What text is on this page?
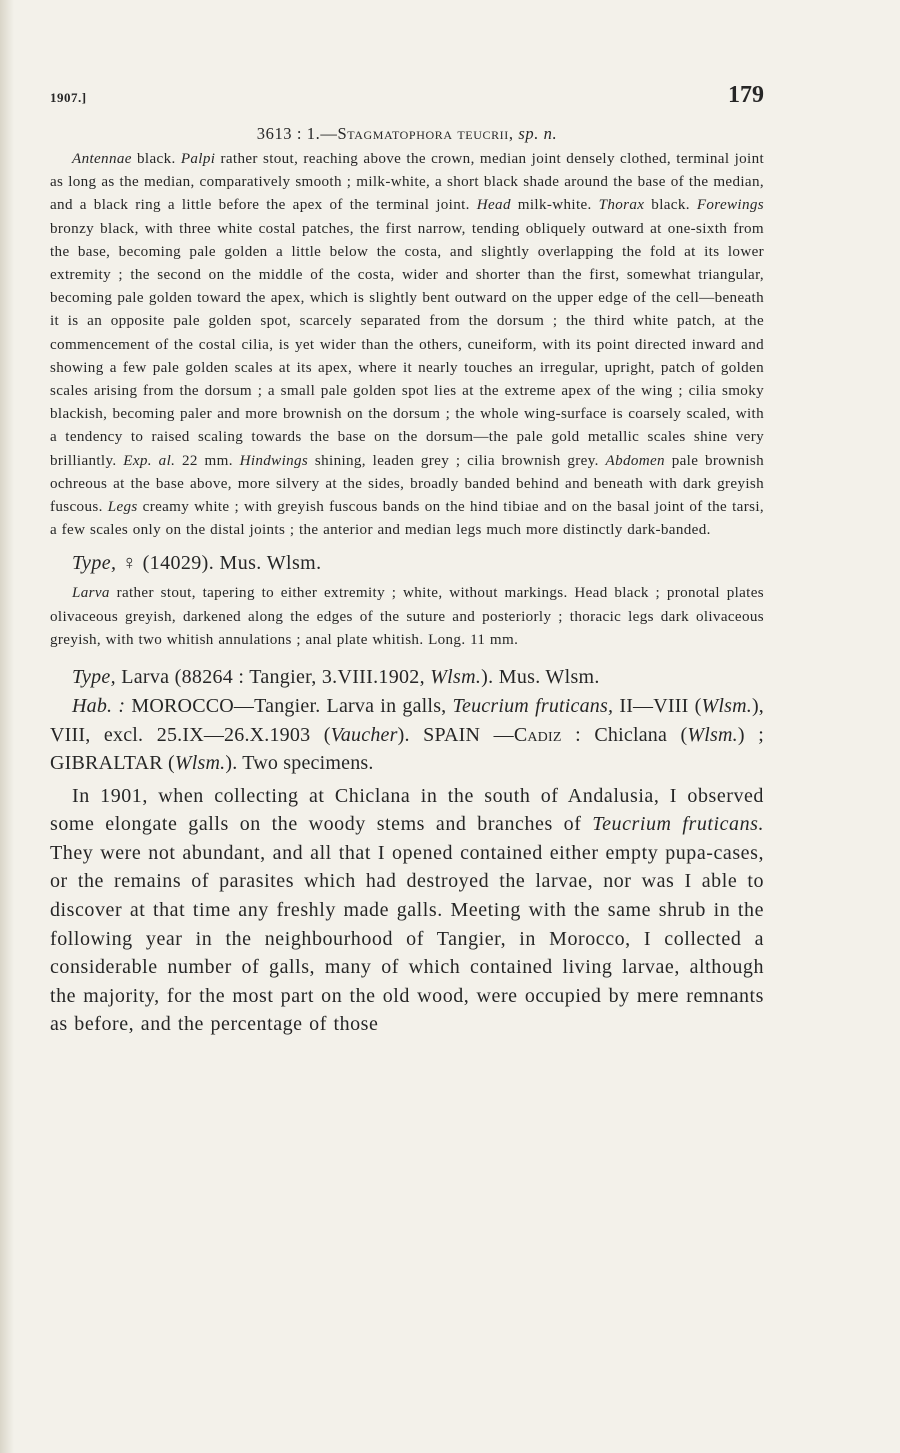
1907.]	179

3613 : 1.—Stagmatophora teucrii, sp. n.

Antennae black. Palpi rather stout, reaching above the crown, median joint densely clothed, terminal joint as long as the median, comparatively smooth ; milk-white, a short black shade around the base of the median, and a black ring a little before the apex of the terminal joint. Head milk-white. Thorax black. Forewings bronzy black, with three white costal patches, the first narrow, tending obliquely outward at one-sixth from the base, becoming pale golden a little below the costa, and slightly overlapping the fold at its lower extremity ; the second on the middle of the costa, wider and shorter than the first, somewhat triangular, becoming pale golden toward the apex, which is slightly bent outward on the upper edge of the cell—beneath it is an opposite pale golden spot, scarcely separated from the dorsum ; the third white patch, at the commencement of the costal cilia, is yet wider than the others, cuneiform, with its point directed inward and showing a few pale golden scales at its apex, where it nearly touches an irregular, upright, patch of golden scales arising from the dorsum ; a small pale golden spot lies at the extreme apex of the wing ; cilia smoky blackish, becoming paler and more brownish on the dorsum ; the whole wing-surface is coarsely scaled, with a tendency to raised scaling towards the base on the dorsum—the pale gold metallic scales shine very brilliantly. Exp. al. 22 mm. Hindwings shining, leaden grey ; cilia brownish grey. Abdomen pale brownish ochreous at the base above, more silvery at the sides, broadly banded behind and beneath with dark greyish fuscous. Legs creamy white ; with greyish fuscous bands on the hind tibiae and on the basal joint of the tarsi, a few scales only on the distal joints ; the anterior and median legs much more distinctly dark-banded.

Type, ♀ (14029). Mus. Wlsm.

Larva rather stout, tapering to either extremity ; white, without markings. Head black ; pronotal plates olivaceous greyish, darkened along the edges of the suture and posteriorly ; thoracic legs dark olivaceous greyish, with two whitish annulations ; anal plate whitish. Long. 11 mm.

Type, Larva (88264 : Tangier, 3.VIII.1902, Wlsm.). Mus. Wlsm.

Hab. : MOROCCO—Tangier. Larva in galls, Teucrium fruticans, II—VIII (Wlsm.), VIII, excl. 25.IX—26.X.1903 (Vaucher). SPAIN —Cadiz : Chiclana (Wlsm.) ; GIBRALTAR (Wlsm.). Two specimens.

In 1901, when collecting at Chiclana in the south of Andalusia, I observed some elongate galls on the woody stems and branches of Teucrium fruticans. They were not abundant, and all that I opened contained either empty pupa-cases, or the remains of parasites which had destroyed the larvae, nor was I able to discover at that time any freshly made galls. Meeting with the same shrub in the following year in the neighbourhood of Tangier, in Morocco, I collected a considerable number of galls, many of which contained living larvae, although the majority, for the most part on the old wood, were occupied by mere remnants as before, and the percentage of those
